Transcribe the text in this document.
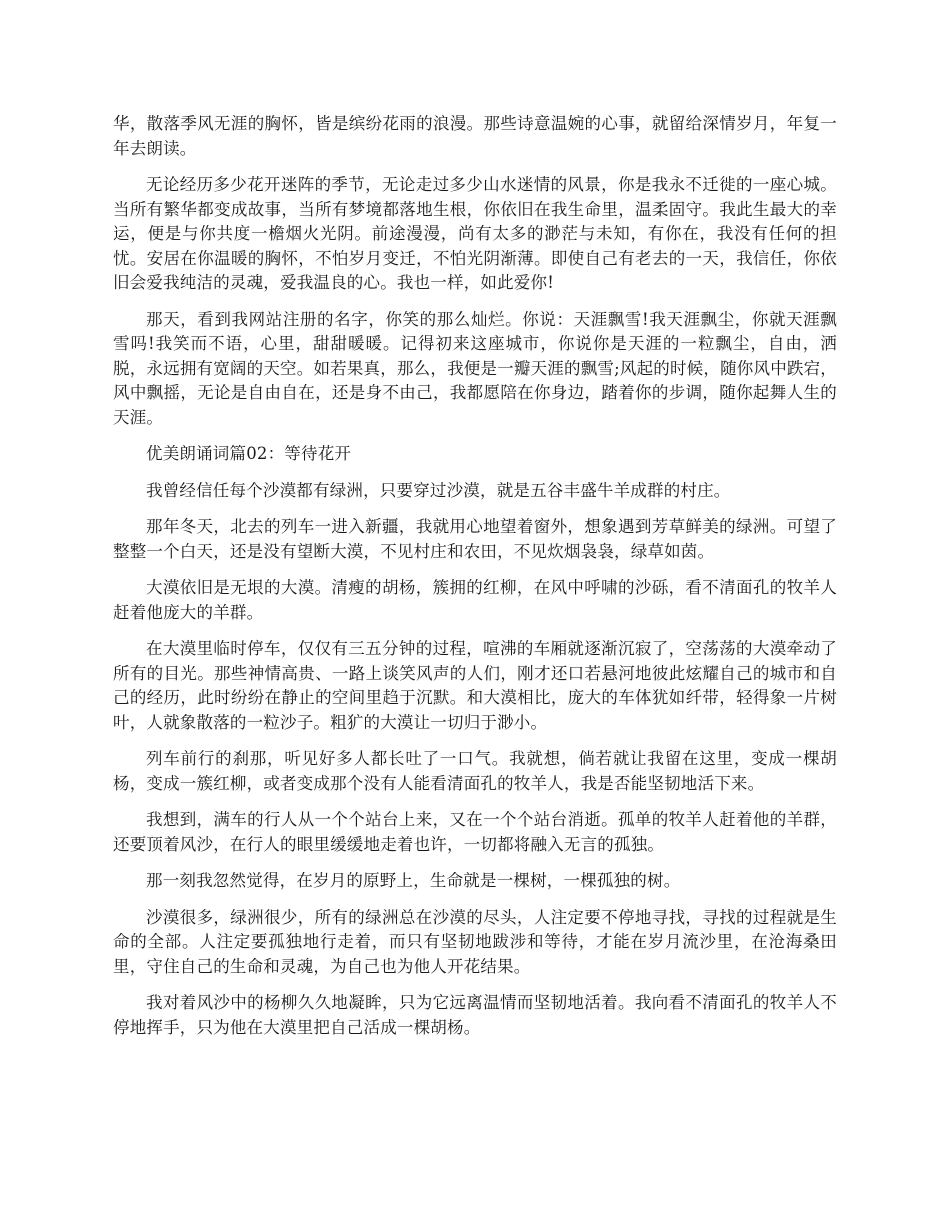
华，散落季风无涯的胸怀，皆是缤纷花雨的浪漫。那些诗意温婉的心事，就留给深情岁月，年复一年去朗读。

无论经历多少花开迷阵的季节，无论走过多少山水迷情的风景，你是我永不迁徙的一座心城。当所有繁华都变成故事，当所有梦境都落地生根，你依旧在我生命里，温柔固守。我此生最大的幸运，便是与你共度一檐烟火光阴。前途漫漫，尚有太多的渺茫与未知，有你在，我没有任何的担忧。安居在你温暖的胸怀，不怕岁月变迁，不怕光阴渐薄。即使自己有老去的一天，我信任，你依旧会爱我纯洁的灵魂，爱我温良的心。我也一样，如此爱你!

那天，看到我网站注册的名字，你笑的那么灿烂。你说：天涯飘雪!我天涯飘尘，你就天涯飘雪吗!我笑而不语，心里，甜甜暖暖。记得初来这座城市，你说你是天涯的一粒飘尘，自由，洒脱，永远拥有宽阔的天空。如若果真，那么，我便是一瓣天涯的飘雪;风起的时候，随你风中跌宕，风中飘摇，无论是自由自在，还是身不由己，我都愿陪在你身边，踏着你的步调，随你起舞人生的天涯。

优美朗诵词篇02：等待花开

我曾经信任每个沙漠都有绿洲，只要穿过沙漠，就是五谷丰盛牛羊成群的村庄。

那年冬天，北去的列车一进入新疆，我就用心地望着窗外，想象遇到芳草鲜美的绿洲。可望了整整一个白天，还是没有望断大漠，不见村庄和农田，不见炊烟袅袅，绿草如茵。

大漠依旧是无垠的大漠。清瘦的胡杨，簇拥的红柳，在风中呼啸的沙砾，看不清面孔的牧羊人赶着他庞大的羊群。

在大漠里临时停车，仅仅有三五分钟的过程，喧沸的车厢就逐渐沉寂了，空荡荡的大漠牵动了所有的目光。那些神情高贵、一路上谈笑风声的人们，刚才还口若悬河地彼此炫耀自己的城市和自己的经历，此时纷纷在静止的空间里趋于沉默。和大漠相比，庞大的车体犹如纤带，轻得象一片树叶，人就象散落的一粒沙子。粗犷的大漠让一切归于渺小。

列车前行的刹那，听见好多人都长吐了一口气。我就想，倘若就让我留在这里，变成一棵胡杨，变成一簇红柳，或者变成那个没有人能看清面孔的牧羊人，我是否能坚韧地活下来。

我想到，满车的行人从一个个站台上来，又在一个个站台消逝。孤单的牧羊人赶着他的羊群，还要顶着风沙，在行人的眼里缓缓地走着也许，一切都将融入无言的孤独。

那一刻我忽然觉得，在岁月的原野上，生命就是一棵树，一棵孤独的树。

沙漠很多，绿洲很少，所有的绿洲总在沙漠的尽头，人注定要不停地寻找，寻找的过程就是生命的全部。人注定要孤独地行走着，而只有坚韧地跋涉和等待，才能在岁月流沙里，在沧海桑田里，守住自己的生命和灵魂，为自己也为他人开花结果。

我对着风沙中的杨柳久久地凝眸，只为它远离温情而坚韧地活着。我向看不清面孔的牧羊人不停地挥手，只为他在大漠里把自己活成一棵胡杨。
